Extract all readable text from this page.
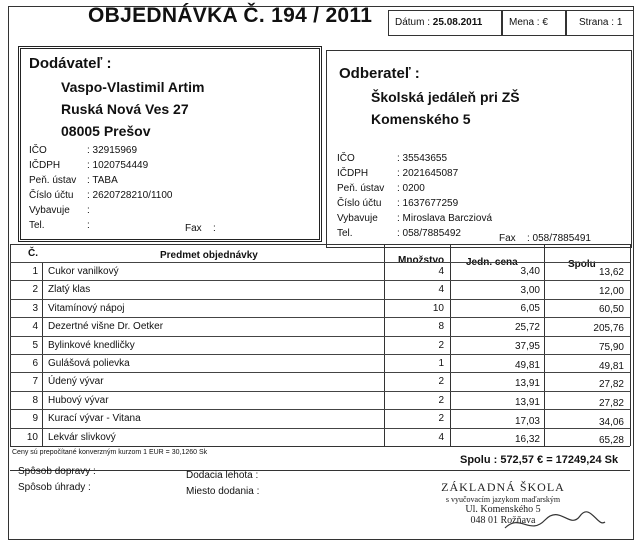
OBJEDNÁVKA Č. 194 / 2011	Dátum : 25.08.2011	Mena : €	Strana : 1
Dodávateľ :
Vaspo-Vlastimil Artim
Ruská Nová Ves 27
08005 Prešov
IČO	: 32915969
IČDPH	: 1020754449
Peň. ústav : TABA
Číslo účtu : 2620728210/1100
Vybavuje :
Tel.	:	Fax :
Odberateľ :
Školská jedáleň pri ZŠ
Komenského 5
IČO	: 35543655
IČDPH	: 2021645087
Peň. ústav : 0200
Číslo účtu : 1637677259
Vybavuje : Miroslava Barcziová
Tel.	: 058/7885492	Fax : 058/7885491
Č.	Predmet objednávky	Množstvo Jedn. cena	Spolu
1 Cukor vanilkový	4	3,40	13,62
2 Zlatý klas	4	3,00	12,00
3 Vitamínový nápoj	10	6,05	60,50
4 Dezertné višne Dr. Oetker	8	25,72	205,76
5 Bylinkové knedličky	2	37,95	75,90
6 Gulášová polievka	1	49,81	49,81
7 Údený vývar	2	13,91	27,82
8 Hubový vývar	2	13,91	27,82
9 Kurací vývar - Vitana	2	17,03	34,06
10 Lekvár slivkový	4	16,32	65,28
Ceny sú prepočítané konverzným kurzom 1 EUR = 30,1260 Sk
Spolu : 572,57 € = 17249,24 Sk
Spôsob dopravy :
Spôsob úhrady :
Dodacia lehota :
Miesto dodania :	ZÁKLADNÁ ŠKOLA
s vyučovacím jazykom maďarským
Ul. Komenského 5
048 01 Rožňava
